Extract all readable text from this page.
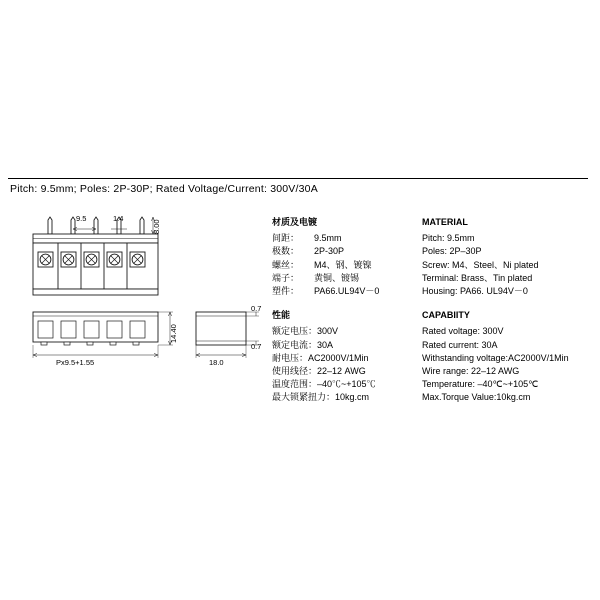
Pitch: 9.5mm; Poles: 2P-30P; Rated Voltage/Current: 300V/30A
9.5	1.4
8.00
14.40
Px9.5+1.55	18.0
0.7
0.7
材质及电镀
间距： 9.5mm
极数： 2P-30P
螺丝： M4、钢、镀镍
端子： 黄铜、镀锡
塑件： PA66.UL94V－0
性能
额定电压：300V
额定电流：30A
耐电压：AC2000V/1Min
使用线径：22–12 AWG
温度范围：–40℃~+105℃
最大锁紧扭力：10kg.cm
MATERIAL
Pitch: 9.5mm
Poles: 2P–30P
Screw: M4、Steel、Ni plated
Terminal: Brass、Tin plated
Housing: PA66. UL94V－0
CAPABIITY
Rated voltage: 300V
Rated current: 30A
Withstanding voltage:AC2000V/1Min
Wire range: 22–12 AWG
Temperature: –40℃~+105℃
Max.Torque Value:10kg.cm
